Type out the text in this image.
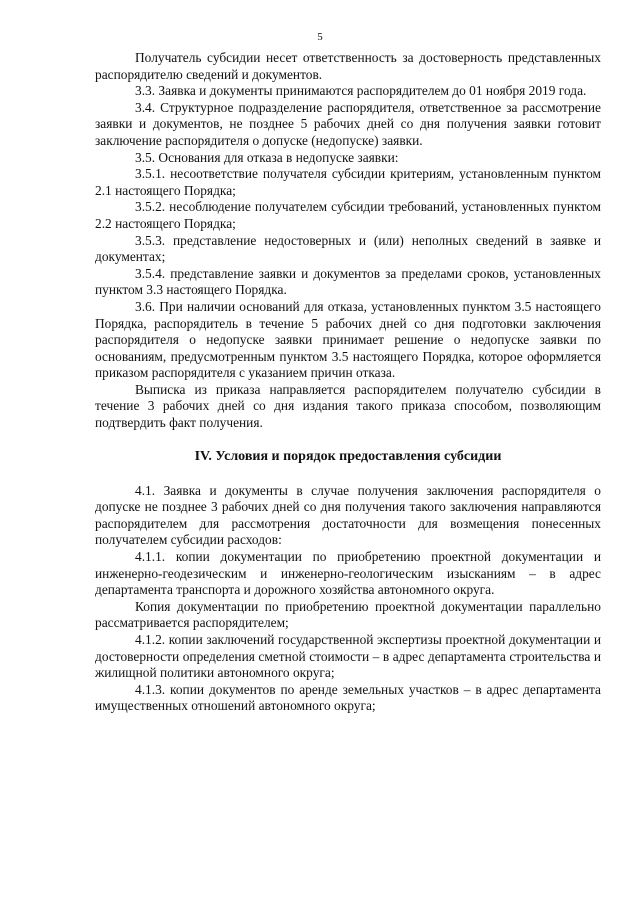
5

Получатель субсидии несет ответственность за достоверность представленных распорядителю сведений и документов.

3.3. Заявка и документы принимаются распорядителем до 01 ноября 2019 года.

3.4. Структурное подразделение распорядителя, ответственное за рассмотрение заявки и документов, не позднее 5 рабочих дней со дня получения заявки готовит заключение распорядителя о допуске (недопуске) заявки.

3.5. Основания для отказа в недопуске заявки:

3.5.1. несоответствие получателя субсидии критериям, установленным пунктом 2.1 настоящего Порядка;

3.5.2. несоблюдение получателем субсидии требований, установленных пунктом 2.2 настоящего Порядка;

3.5.3. представление недостоверных и (или) неполных сведений в заявке и документах;

3.5.4. представление заявки и документов за пределами сроков, установленных пунктом 3.3 настоящего Порядка.

3.6. При наличии оснований для отказа, установленных пунктом 3.5 настоящего Порядка, распорядитель в течение 5 рабочих дней со дня подготовки заключения распорядителя о недопуске заявки принимает решение о недопуске заявки по основаниям, предусмотренным пунктом 3.5 настоящего Порядка, которое оформляется приказом распорядителя с указанием причин отказа.

Выписка из приказа направляется распорядителем получателю субсидии в течение 3 рабочих дней со дня издания такого приказа способом, позволяющим подтвердить факт получения.

IV. Условия и порядок предоставления субсидии

4.1. Заявка и документы в случае получения заключения распорядителя о допуске не позднее 3 рабочих дней со дня получения такого заключения направляются распорядителем для рассмотрения достаточности для возмещения понесенных получателем субсидии расходов:

4.1.1. копии документации по приобретению проектной документации и инженерно-геодезическим и инженерно-геологическим изысканиям – в адрес департамента транспорта и дорожного хозяйства автономного округа.

Копия документации по приобретению проектной документации параллельно рассматривается распорядителем;

4.1.2. копии заключений государственной экспертизы проектной документации и достоверности определения сметной стоимости – в адрес департамента строительства и жилищной политики автономного округа;

4.1.3. копии документов по аренде земельных участков – в адрес департамента имущественных отношений автономного округа;
